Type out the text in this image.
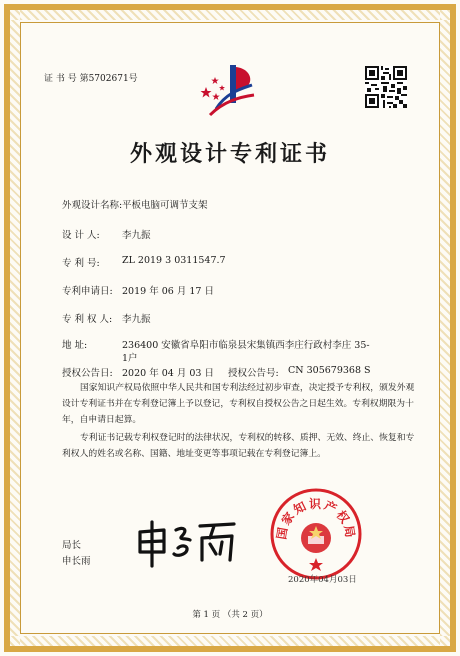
证 书 号 第5702671号
外观设计专利证书
外观设计名称: 平板电脑可调节支架
设 计 人: 李九振
专 利 号: ZL 2019 3 0311547.7
专利申请日: 2019 年 06 月 17 日
专 利 权 人: 李九振
地 址:	236400 安徽省阜阳市临泉县宋集镇西李庄行政村李庄 35-
1户
授权公告日: 2020 年 04 月 03 日 授权公告号: CN 305679368 S
国家知识产权局依照中华人民共和国专利法经过初步审查，决定授予专利权，颁发外观
设计专利证书并在专利登记簿上予以登记，专利权自授权公告之日起生效。专利权期限为十
年，自申请日起算。
专利证书记载专利权登记时的法律状况，专利权的转移、质押、无效、终止、恢复和专
利权人的姓名或名称、国籍、地址变更等事项记载在专利登记簿上。
局长
申长雨
申长雨
国家知识产权局
2020年04月03日
第 1 页 （共 2 页）
